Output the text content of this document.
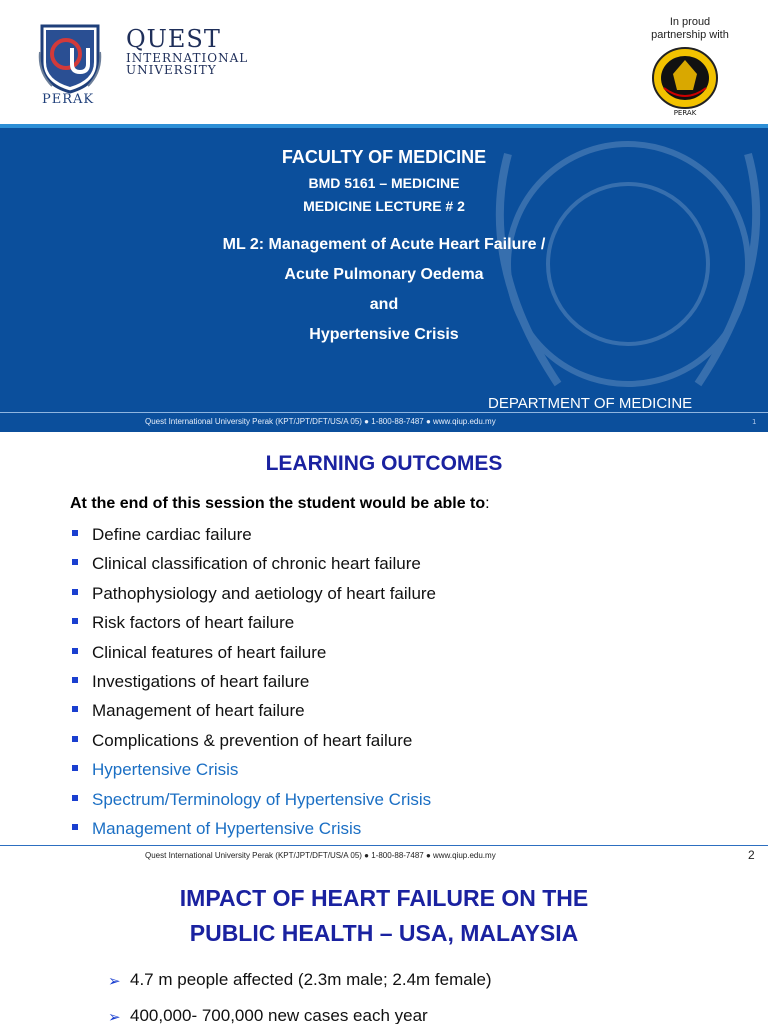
PERAK
QUEST
INTERNATIONAL
UNIVERSITY
In proud
partnership with
PERAK
FACULTY OF MEDICINE
BMD 5161 – MEDICINE
MEDICINE LECTURE # 2
ML 2: Management of Acute Heart Failure /
Acute Pulmonary Oedema
and
Hypertensive Crisis
DEPARTMENT OF MEDICINE
Quest International University Perak (KPT/JPT/DFT/US/A 05) ● 1-800-88-7487 ● www.qiup.edu.my	1
LEARNING OUTCOMES
At the end of this session the student would be able to:
Define cardiac failure
Clinical classification of chronic heart failure
Pathophysiology and aetiology of heart failure
Risk factors of heart failure
Clinical features of heart failure
Investigations of heart failure
Management of heart failure
Complications & prevention of heart failure
Hypertensive Crisis
Spectrum/Terminology of Hypertensive Crisis
Management of Hypertensive Crisis
Quest International University Perak (KPT/JPT/DFT/US/A 05) ● 1-800-88-7487 ● www.qiup.edu.my	2
IMPACT OF HEART FAILURE ON THE
PUBLIC HEALTH – USA, MALAYSIA
➢ 4.7 m people affected (2.3m male; 2.4m female)
➢ 400,000- 700,000 new cases each year
